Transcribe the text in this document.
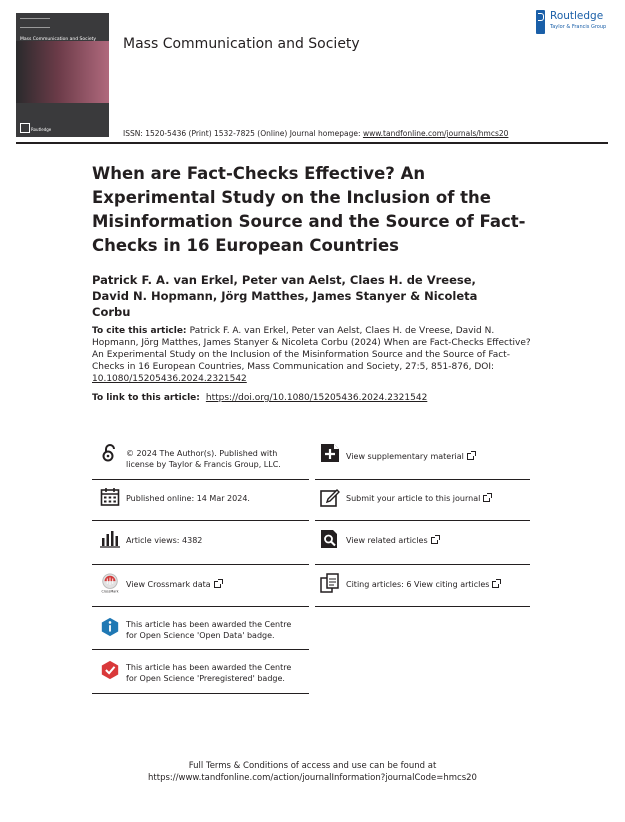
Mass Communication and Society
Routledge
Mass Communication and Society
Routledge
Taylor & Francis Group
ISSN: 1520-5436 (Print) 1532-7825 (Online) Journal homepage: www.tandfonline.com/journals/hmcs20
When are Fact-Checks Effective? An Experimental Study on the Inclusion of the Misinformation Source and the Source of Fact-Checks in 16 European Countries
Patrick F. A. van Erkel, Peter van Aelst, Claes H. de Vreese, David N. Hopmann, Jörg Matthes, James Stanyer & Nicoleta Corbu
To cite this article: Patrick F. A. van Erkel, Peter van Aelst, Claes H. de Vreese, David N. Hopmann, Jörg Matthes, James Stanyer & Nicoleta Corbu (2024) When are Fact-Checks Effective? An Experimental Study on the Inclusion of the Misinformation Source and the Source of Fact-Checks in 16 European Countries, Mass Communication and Society, 27:5, 851-876, DOI: 10.1080/15205436.2024.2321542
To link to this article:  https://doi.org/10.1080/15205436.2024.2321542
© 2024 The Author(s). Published with
license by Taylor & Francis Group, LLC.
Published online: 14 Mar 2024.
Article views: 4382
CrossMark
View Crossmark data
This article has been awarded the Centre
for Open Science 'Open Data' badge.
This article has been awarded the Centre
for Open Science 'Preregistered' badge.
View supplementary material
Submit your article to this journal
View related articles
Citing articles: 6 View citing articles
Full Terms & Conditions of access and use can be found at
https://www.tandfonline.com/action/journalInformation?journalCode=hmcs20
